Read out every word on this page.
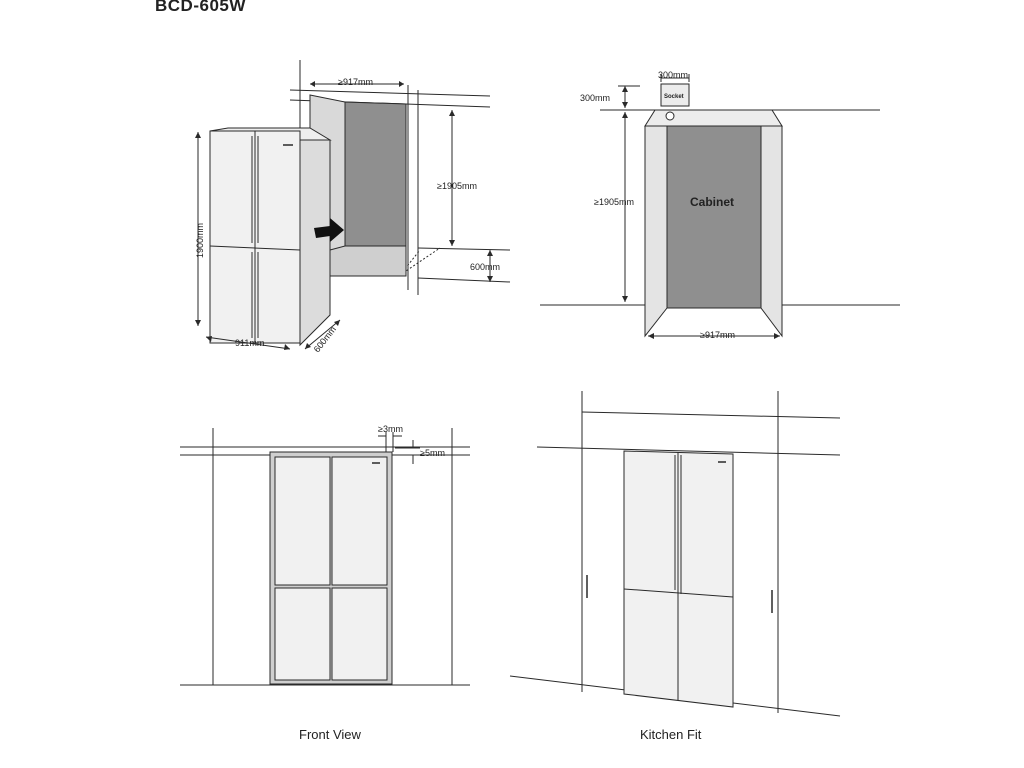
BCD-605W
≥917mm
≥1905mm
600mm
1900mm
911mm	600mm
Cabinet
Socket
300mm
300mm
≥1905mm
≥917mm
≥3mm
≥5mm
Front View	Kitchen Fit
